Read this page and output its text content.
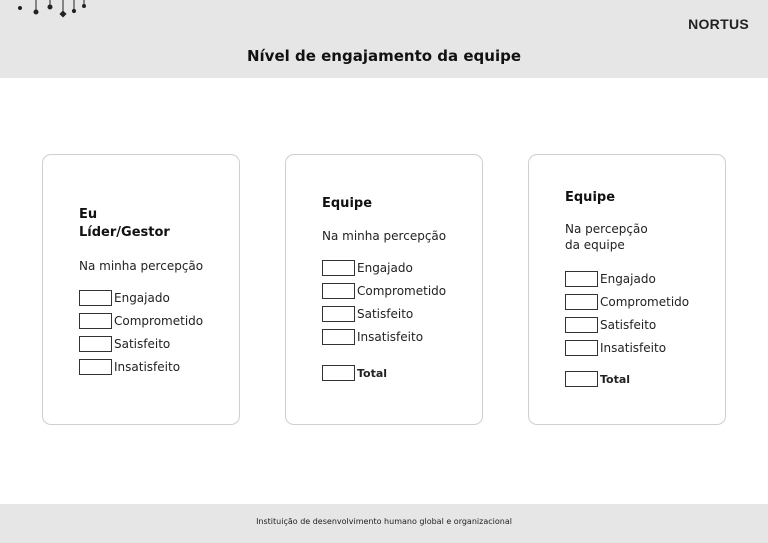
NORTUS
Nível de engajamento da equipe
Eu
Líder/Gestor
Na minha percepção
Engajado
Comprometido
Satisfeito
Insatisfeito
Equipe
Na minha percepção
Engajado
Comprometido
Satisfeito
Insatisfeito
Total
Equipe
Na percepção
da equipe
Engajado
Comprometido
Satisfeito
Insatisfeito
Total
Instituição de desenvolvimento humano global e organizacional
